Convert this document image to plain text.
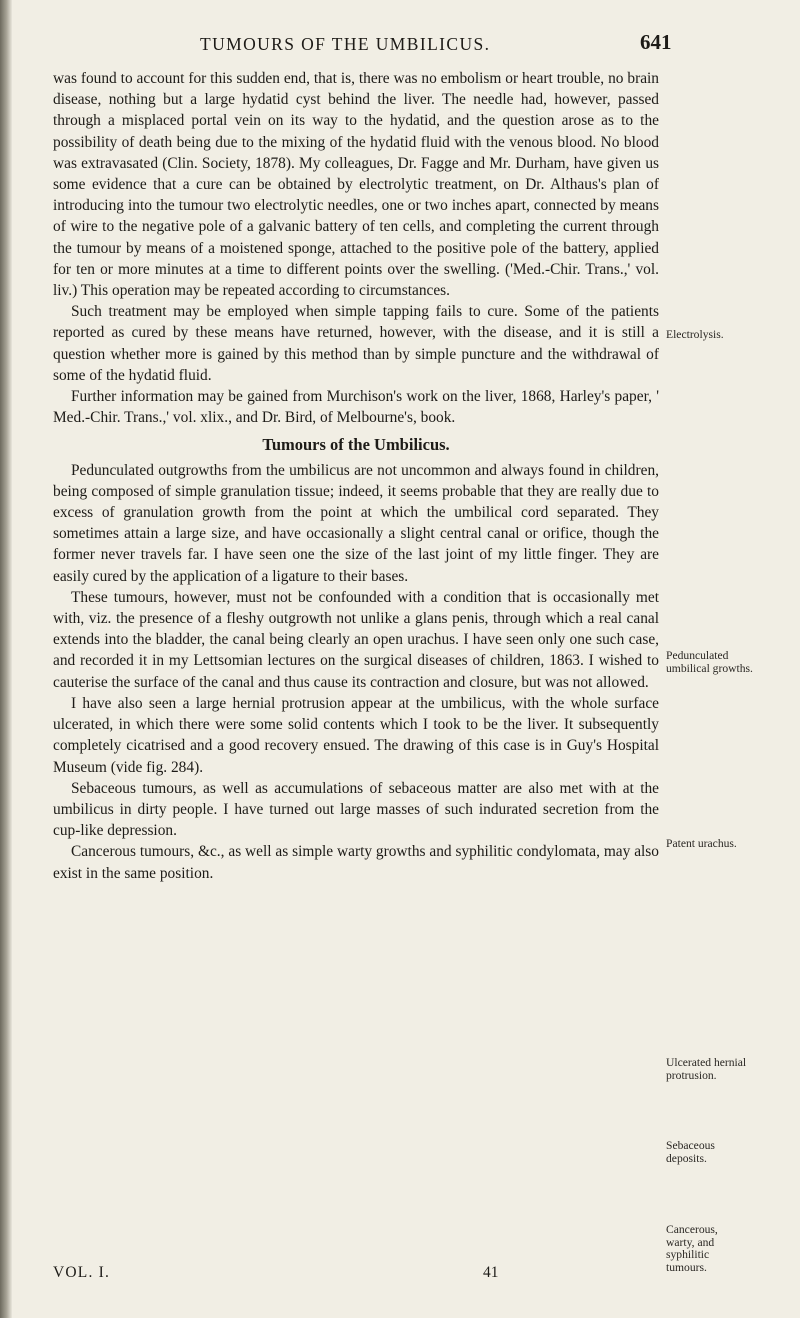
TUMOURS OF THE UMBILICUS.	641

was found to account for this sudden end, that is, there was no embolism or heart trouble, no brain disease, nothing but a large hydatid cyst behind the liver. The needle had, however, passed through a misplaced portal vein on its way to the hydatid, and the question arose as to the possibility of death being due to the mixing of the hydatid fluid with the venous blood. No blood was extravasated (Clin. Society, 1878). My colleagues, Dr. Fagge and Mr. Durham, have given us some evidence that a cure can be obtained by electrolytic treatment, on Dr. Althaus's plan of introducing into the tumour two electrolytic needles, one or two inches apart, connected by means of wire to the negative pole of a galvanic battery of ten cells, and completing the current through the tumour by means of a moistened sponge, attached to the positive pole of the battery, applied for ten or more minutes at a time to different points over the swelling. ('Med.-Chir. Trans.,' vol. liv.) This operation may be repeated according to circumstances.

Such treatment may be employed when simple tapping fails to cure. Some of the patients reported as cured by these means have returned, however, with the disease, and it is still a question whether more is gained by this method than by simple puncture and the withdrawal of some of the hydatid fluid.

Further information may be gained from Murchison's work on the liver, 1868, Harley's paper, ' Med.-Chir. Trans.,' vol. xlix., and Dr. Bird, of Melbourne's, book.

Tumours of the Umbilicus.

Pedunculated outgrowths from the umbilicus are not uncommon and always found in children, being composed of simple granulation tissue; indeed, it seems probable that they are really due to excess of granulation growth from the point at which the umbilical cord separated. They sometimes attain a large size, and have occasionally a slight central canal or orifice, though the former never travels far. I have seen one the size of the last joint of my little finger. They are easily cured by the application of a ligature to their bases.

These tumours, however, must not be confounded with a condition that is occasionally met with, viz. the presence of a fleshy outgrowth not unlike a glans penis, through which a real canal extends into the bladder, the canal being clearly an open urachus. I have seen only one such case, and recorded it in my Lettsomian lectures on the surgical diseases of children, 1863. I wished to cauterise the surface of the canal and thus cause its contraction and closure, but was not allowed.

I have also seen a large hernial protrusion appear at the umbilicus, with the whole surface ulcerated, in which there were some solid contents which I took to be the liver. It subsequently completely cicatrised and a good recovery ensued. The drawing of this case is in Guy's Hospital Museum (vide fig. 284).

Sebaceous tumours, as well as accumulations of sebaceous matter are also met with at the umbilicus in dirty people. I have turned out large masses of such indurated secretion from the cup-like depression.

Cancerous tumours, &c., as well as simple warty growths and syphilitic condylomata, may also exist in the same position.

Electrolysis.
Pedunculated umbilical growths.
Patent urachus.
Ulcerated hernial protrusion.
Sebaceous deposits.
Cancerous, warty, and syphilitic tumours.
VOL. I.	41
